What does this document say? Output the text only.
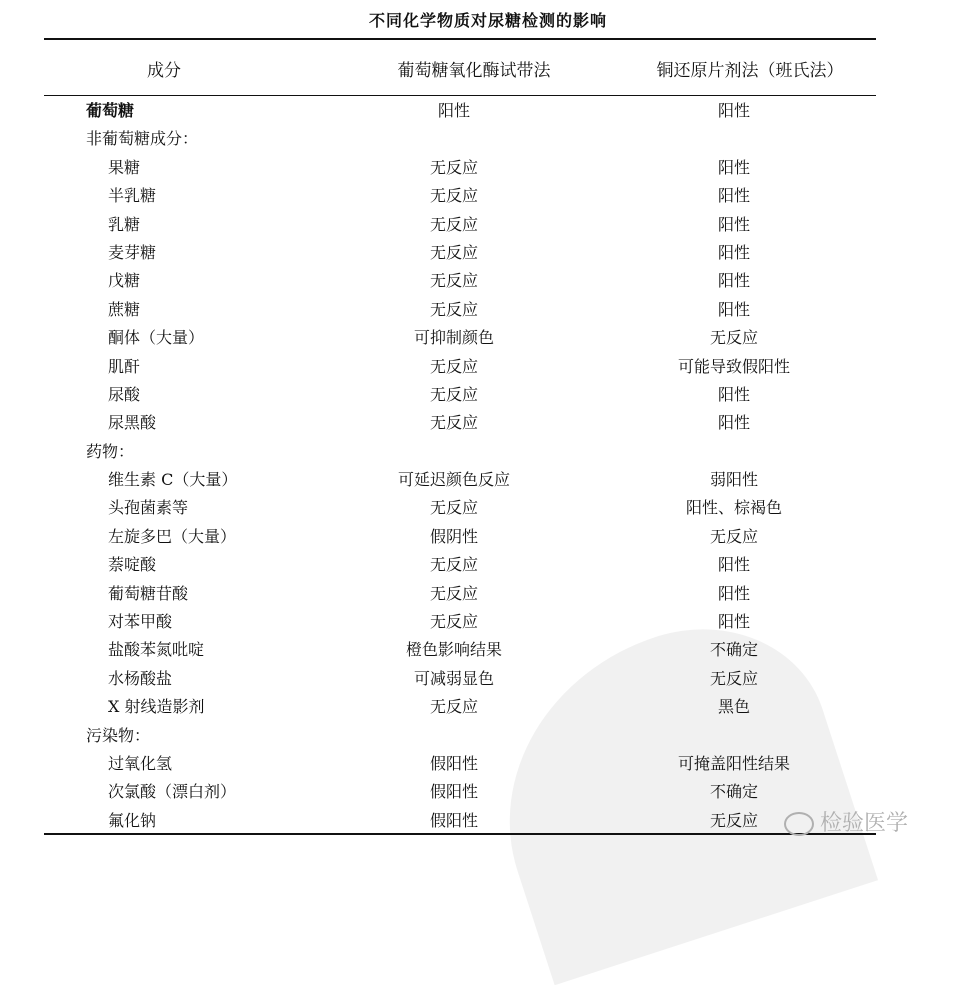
不同化学物质对尿糖检测的影响
成分	葡萄糖氧化酶试带法	铜还原片剂法（班氏法）
葡萄糖	阳性	阳性
非葡萄糖成分：
果糖	无反应	阳性
半乳糖	无反应	阳性
乳糖	无反应	阳性
麦芽糖	无反应	阳性
戊糖	无反应	阳性
蔗糖	无反应	阳性
酮体（大量）	可抑制颜色	无反应
肌酐	无反应	可能导致假阳性
尿酸	无反应	阳性
尿黑酸	无反应	阳性
药物：
维生素 C（大量）	可延迟颜色反应	弱阳性
头孢菌素等	无反应	阳性、棕褐色
左旋多巴（大量）	假阴性	无反应
萘啶酸	无反应	阳性
葡萄糖苷酸	无反应	阳性
对苯甲酸	无反应	阳性
盐酸苯氮吡啶	橙色影响结果	不确定
水杨酸盐	可减弱显色	无反应
X 射线造影剂	无反应	黑色
污染物：
过氧化氢	假阳性	可掩盖阳性结果
次氯酸（漂白剂）	假阳性	不确定
氟化钠	假阳性	无反应	检验医学
